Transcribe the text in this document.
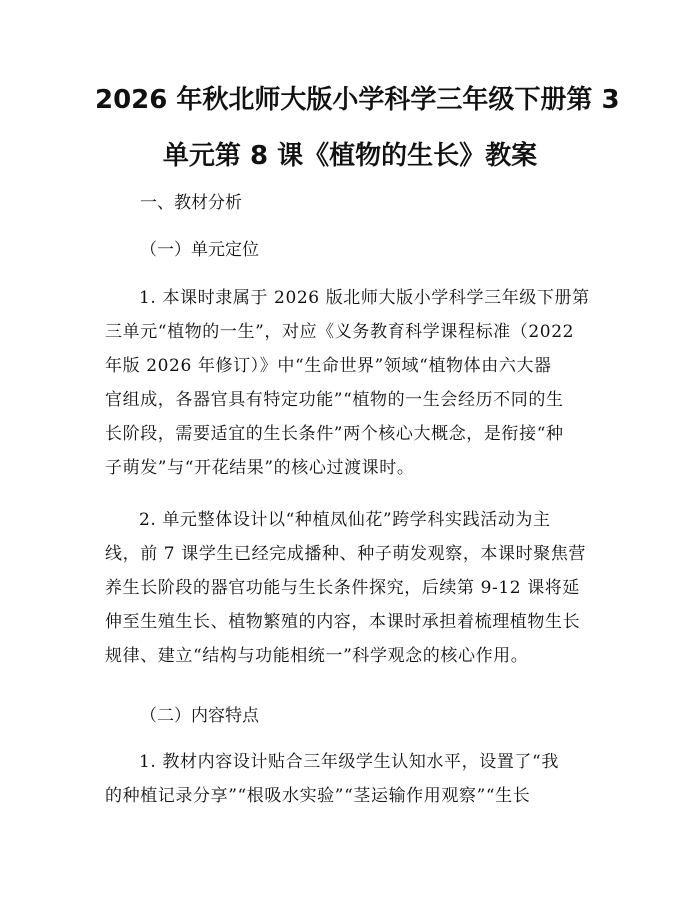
2026 年秋北师大版小学科学三年级下册第 3
单元第 8 课《植物的生长》教案

一、教材分析

（一）单元定位

1. 本课时隶属于 2026 版北师大版小学科学三年级下册第
三单元“植物的一生”，对应《义务教育科学课程标准（2022
年版 2026 年修订）》中“生命世界”领域“植物体由六大器
官组成，各器官具有特定功能”“植物的一生会经历不同的生
长阶段，需要适宜的生长条件”两个核心大概念，是衔接“种
子萌发”与“开花结果”的核心过渡课时。
2. 单元整体设计以“种植凤仙花”跨学科实践活动为主
线，前 7 课学生已经完成播种、种子萌发观察，本课时聚焦营
养生长阶段的器官功能与生长条件探究，后续第 9-12 课将延
伸至生殖生长、植物繁殖的内容，本课时承担着梳理植物生长
规律、建立“结构与功能相统一”科学观念的核心作用。

（二）内容特点

1. 教材内容设计贴合三年级学生认知水平，设置了“我
的种植记录分享”“根吸水实验”“茎运输作用观察”“生长
